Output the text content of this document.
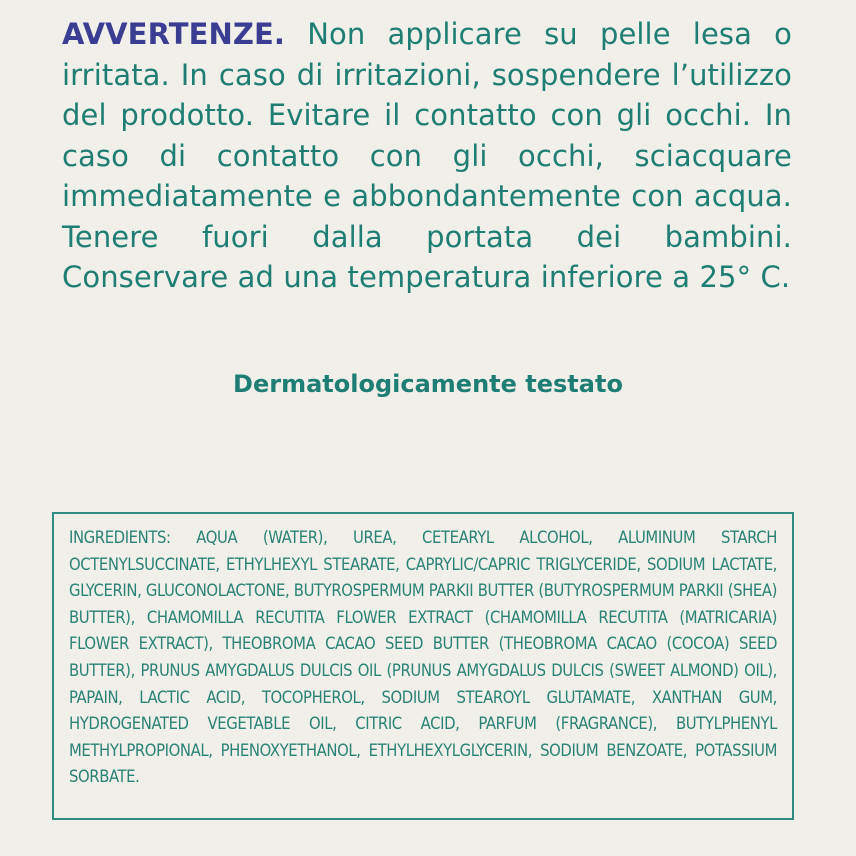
AVVERTENZE. Non applicare su pelle lesa o irritata. In caso di irritazioni, sospendere l’utilizzo del prodotto. Evitare il contatto con gli occhi. In caso di contatto con gli occhi, sciacquare immediatamente e abbondantemente con acqua. Tenere fuori dalla portata dei bambini. Conservare ad una temperatura inferiore a 25° C.
Dermatologicamente testato
INGREDIENTS: AQUA (WATER), UREA, CETEARYL ALCOHOL, ALUMINUM STARCH OCTENYLSUCCINATE, ETHYLHEXYL STEARATE, CAPRYLIC/CAPRIC TRIGLYCERIDE, SODIUM LACTATE, GLYCERIN, GLUCONOLACTONE, BUTYROSPERMUM PARKII BUTTER (BUTYROSPERMUM PARKII (SHEA) BUTTER), CHAMOMILLA RECUTITA FLOWER EXTRACT (CHAMOMILLA RECUTITA (MATRICARIA) FLOWER EXTRACT), THEOBROMA CACAO SEED BUTTER (THEOBROMA CACAO (COCOA) SEED BUTTER), PRUNUS AMYGDALUS DULCIS OIL (PRUNUS AMYGDALUS DULCIS (SWEET ALMOND) OIL), PAPAIN, LACTIC ACID, TOCOPHEROL, SODIUM STEAROYL GLUTAMATE, XANTHAN GUM, HYDROGENATED VEGETABLE OIL, CITRIC ACID, PARFUM (FRAGRANCE), BUTYLPHENYL METHYLPROPIONAL, PHENOXYETHANOL, ETHYLHEXYLGLYCERIN, SODIUM BENZOATE, POTASSIUM SORBATE.
